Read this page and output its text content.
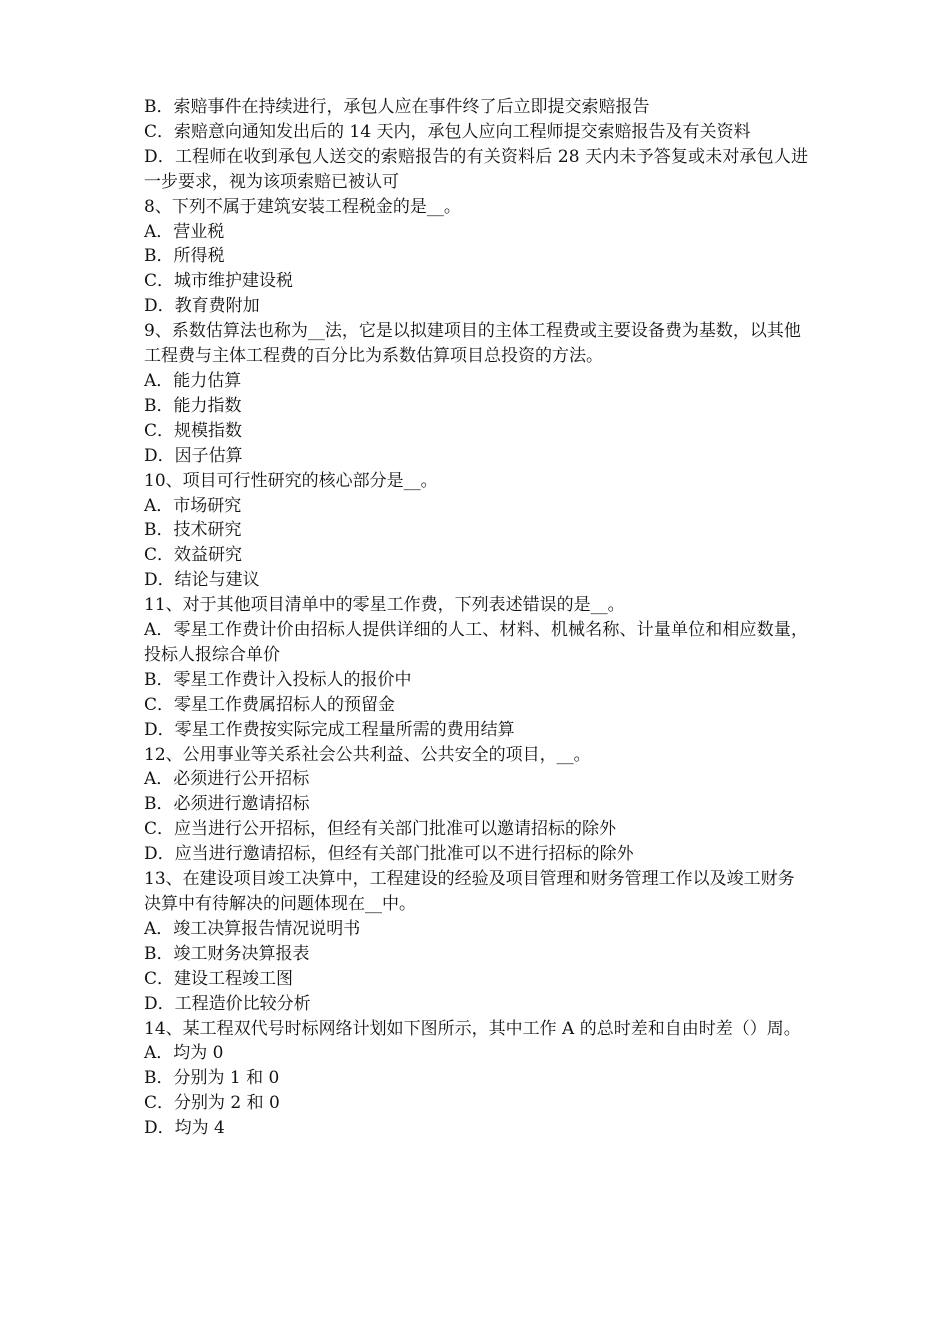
B．索赔事件在持续进行，承包人应在事件终了后立即提交索赔报告

C．索赔意向通知发出后的 14 天内，承包人应向工程师提交索赔报告及有关资料

D．工程师在收到承包人送交的索赔报告的有关资料后 28 天内未予答复或未对承包人进一步要求，视为该项索赔已被认可

8、下列不属于建筑安装工程税金的是__。

A．营业税

B．所得税

C．城市维护建设税

D．教育费附加

9、系数估算法也称为__法，它是以拟建项目的主体工程费或主要设备费为基数，以其他工程费与主体工程费的百分比为系数估算项目总投资的方法。

A．能力估算

B．能力指数

C．规模指数

D．因子估算

10、项目可行性研究的核心部分是__。

A．市场研究

B．技术研究

C．效益研究

D．结论与建议

11、对于其他项目清单中的零星工作费，下列表述错误的是__。

A．零星工作费计价由招标人提供详细的人工、材料、机械名称、计量单位和相应数量，投标人报综合单价

B．零星工作费计入投标人的报价中

C．零星工作费属招标人的预留金

D．零星工作费按实际完成工程量所需的费用结算

12、公用事业等关系社会公共利益、公共安全的项目，__。

A．必须进行公开招标

B．必须进行邀请招标

C．应当进行公开招标，但经有关部门批准可以邀请招标的除外

D．应当进行邀请招标，但经有关部门批准可以不进行招标的除外

13、在建设项目竣工决算中，工程建设的经验及项目管理和财务管理工作以及竣工财务决算中有待解决的问题体现在__中。

A．竣工决算报告情况说明书

B．竣工财务决算报表

C．建设工程竣工图

D．工程造价比较分析

14、某工程双代号时标网络计划如下图所示，其中工作 A 的总时差和自由时差（）周。

A．均为 0

B．分别为 1 和 0

C．分别为 2 和 0

D．均为 4
